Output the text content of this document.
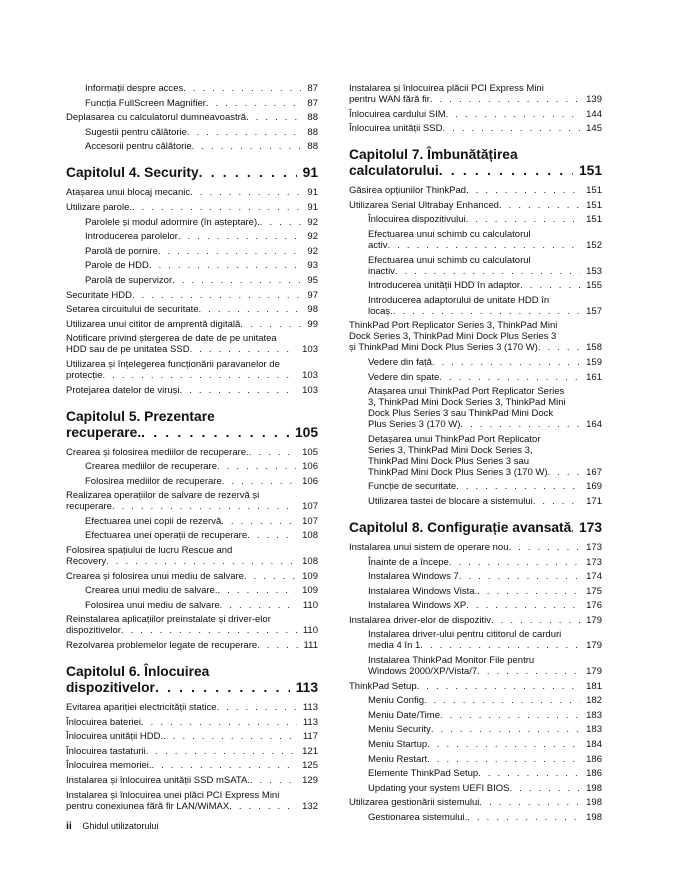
Informații despre acces . . .	87
Funcția FullScreen Magnifier . . .	87
Deplasarea cu calculatorul dumneavoastră . . .	88
Sugestii pentru călătorie . . .	88
Accesorii pentru călătorie . . .	88
Capitolul 4. Security . . .	91
Atașarea unui blocaj mecanic . . .	91
Utilizare parole. . . .	91
Parolele și modul adormire (în așteptare). . . .	92
Introducerea parolelor . . .	92
Parolă de pornire . . .	92
Parole de HDD . . .	93
Parolă de supervizor . . .	95
Securitate HDD . . .	97
Setarea circuitului de securitate . . .	98
Utilizarea unui cititor de amprentă digitală . . .	99
Notificare privind ștergerea de date de pe unitatea
HDD sau de pe unitatea SSD . . .	103
Utilizarea și înțelegerea funcționării paravanelor de
protecție . . .	103
Protejarea datelor de viruși . . .	103
Capitolul 5. Prezentare
recuperare. . . .	105
Crearea și folosirea mediilor de recuperare. . . .	105
Crearea mediilor de recuperare . . .	106
Folosirea mediilor de recuperare . . .	106
Realizarea operațiilor de salvare de rezervă și
recuperare . . .	107
Efectuarea unei copii de rezervă . . .	107
Efectuarea unei operații de recuperare . . .	108
Folosirea spațiului de lucru Rescue and
Recovery . . .	108
Crearea și folosirea unui mediu de salvare . . .	109
Crearea unui mediu de salvare. . . .	109
Folosirea unui mediu de salvare . . .	110
Reinstalarea aplicațiilor preinstalate și driver-elor
dispozitivelor . . .	110
Rezolvarea problemelor legate de recuperare . . .	111
Capitolul 6. Înlocuirea
dispozitivelor . . .	113
Evitarea apariției electricității statice . . .	113
Înlocuirea bateriei . . .	113
Înlocuirea unității HDD. . . .	117
Înlocuirea tastaturii . . .	121
Înlocuirea memoriei. . . .	125
Instalarea și înlocuirea unității SSD mSATA. . . .	129
Instalarea și înlocuirea unei plăci PCI Express Mini
pentru conexiunea fără fir LAN/WiMAX . . .	132
Instalarea și înlocuirea plăcii PCI Express Mini
pentru WAN fără fir . . .	139
Înlocuirea cardului SIM . . .	144
Înlocuirea unității SSD . . .	145
Capitolul 7. Îmbunătățirea
calculatorului . . .	151
Găsirea opțiunilor ThinkPad . . .	151
Utilizarea Serial Ultrabay Enhanced . . .	151
Înlocuirea dispozitivului . . .	151
Efectuarea unui schimb cu calculatorul
activ . . .	152
Efectuarea unui schimb cu calculatorul
inactiv . . .	153
Introducerea unității HDD în adaptor . . .	155
Introducerea adaptorului de unitate HDD în
locaș. . . .	157
ThinkPad Port Replicator Series 3, ThinkPad Mini
Dock Series 3, ThinkPad Mini Dock Plus Series 3
și ThinkPad Mini Dock Plus Series 3 (170 W) . . .	158
Vedere din față . . .	159
Vedere din spate . . .	161
Atașarea unui ThinkPad Port Replicator Series
3, ThinkPad Mini Dock Series 3, ThinkPad Mini
Dock Plus Series 3 sau ThinkPad Mini Dock
Plus Series 3 (170 W) . . .	164
Detașarea unui ThinkPad Port Replicator
Series 3, ThinkPad Mini Dock Series 3,
ThinkPad Mini Dock Plus Series 3 sau
ThinkPad Mini Dock Plus Series 3 (170 W) . . .	167
Funcție de securitate . . .	169
Utilizarea tastei de blocare a sistemului . . .	171
Capitolul 8. Configurație avansată . . . 173
Instalarea unui sistem de operare nou . . .	173
Înainte de a începe . . .	173
Instalarea Windows 7 . . .	174
Instalarea Windows Vista. . . .	175
Instalarea Windows XP . . .	176
Instalarea driver-elor de dispozitiv . . .	179
Instalarea driver-ului pentru cititorul de carduri
media 4 în 1 . . .	179
Instalarea ThinkPad Monitor File pentru
Windows 2000/XP/Vista/7 . . .	179
ThinkPad Setup . . .	181
Meniu Config . . .	182
Meniu Date/Time . . .	183
Meniu Security . . .	183
Meniu Startup . . .	184
Meniu Restart . . .	186
Elemente ThinkPad Setup . . .	186
Updating your system UEFI BIOS . . .	198
Utilizarea gestionării sistemului . . .	198
Gestionarea sistemului. . . .	198
ii Ghidul utilizatorului
